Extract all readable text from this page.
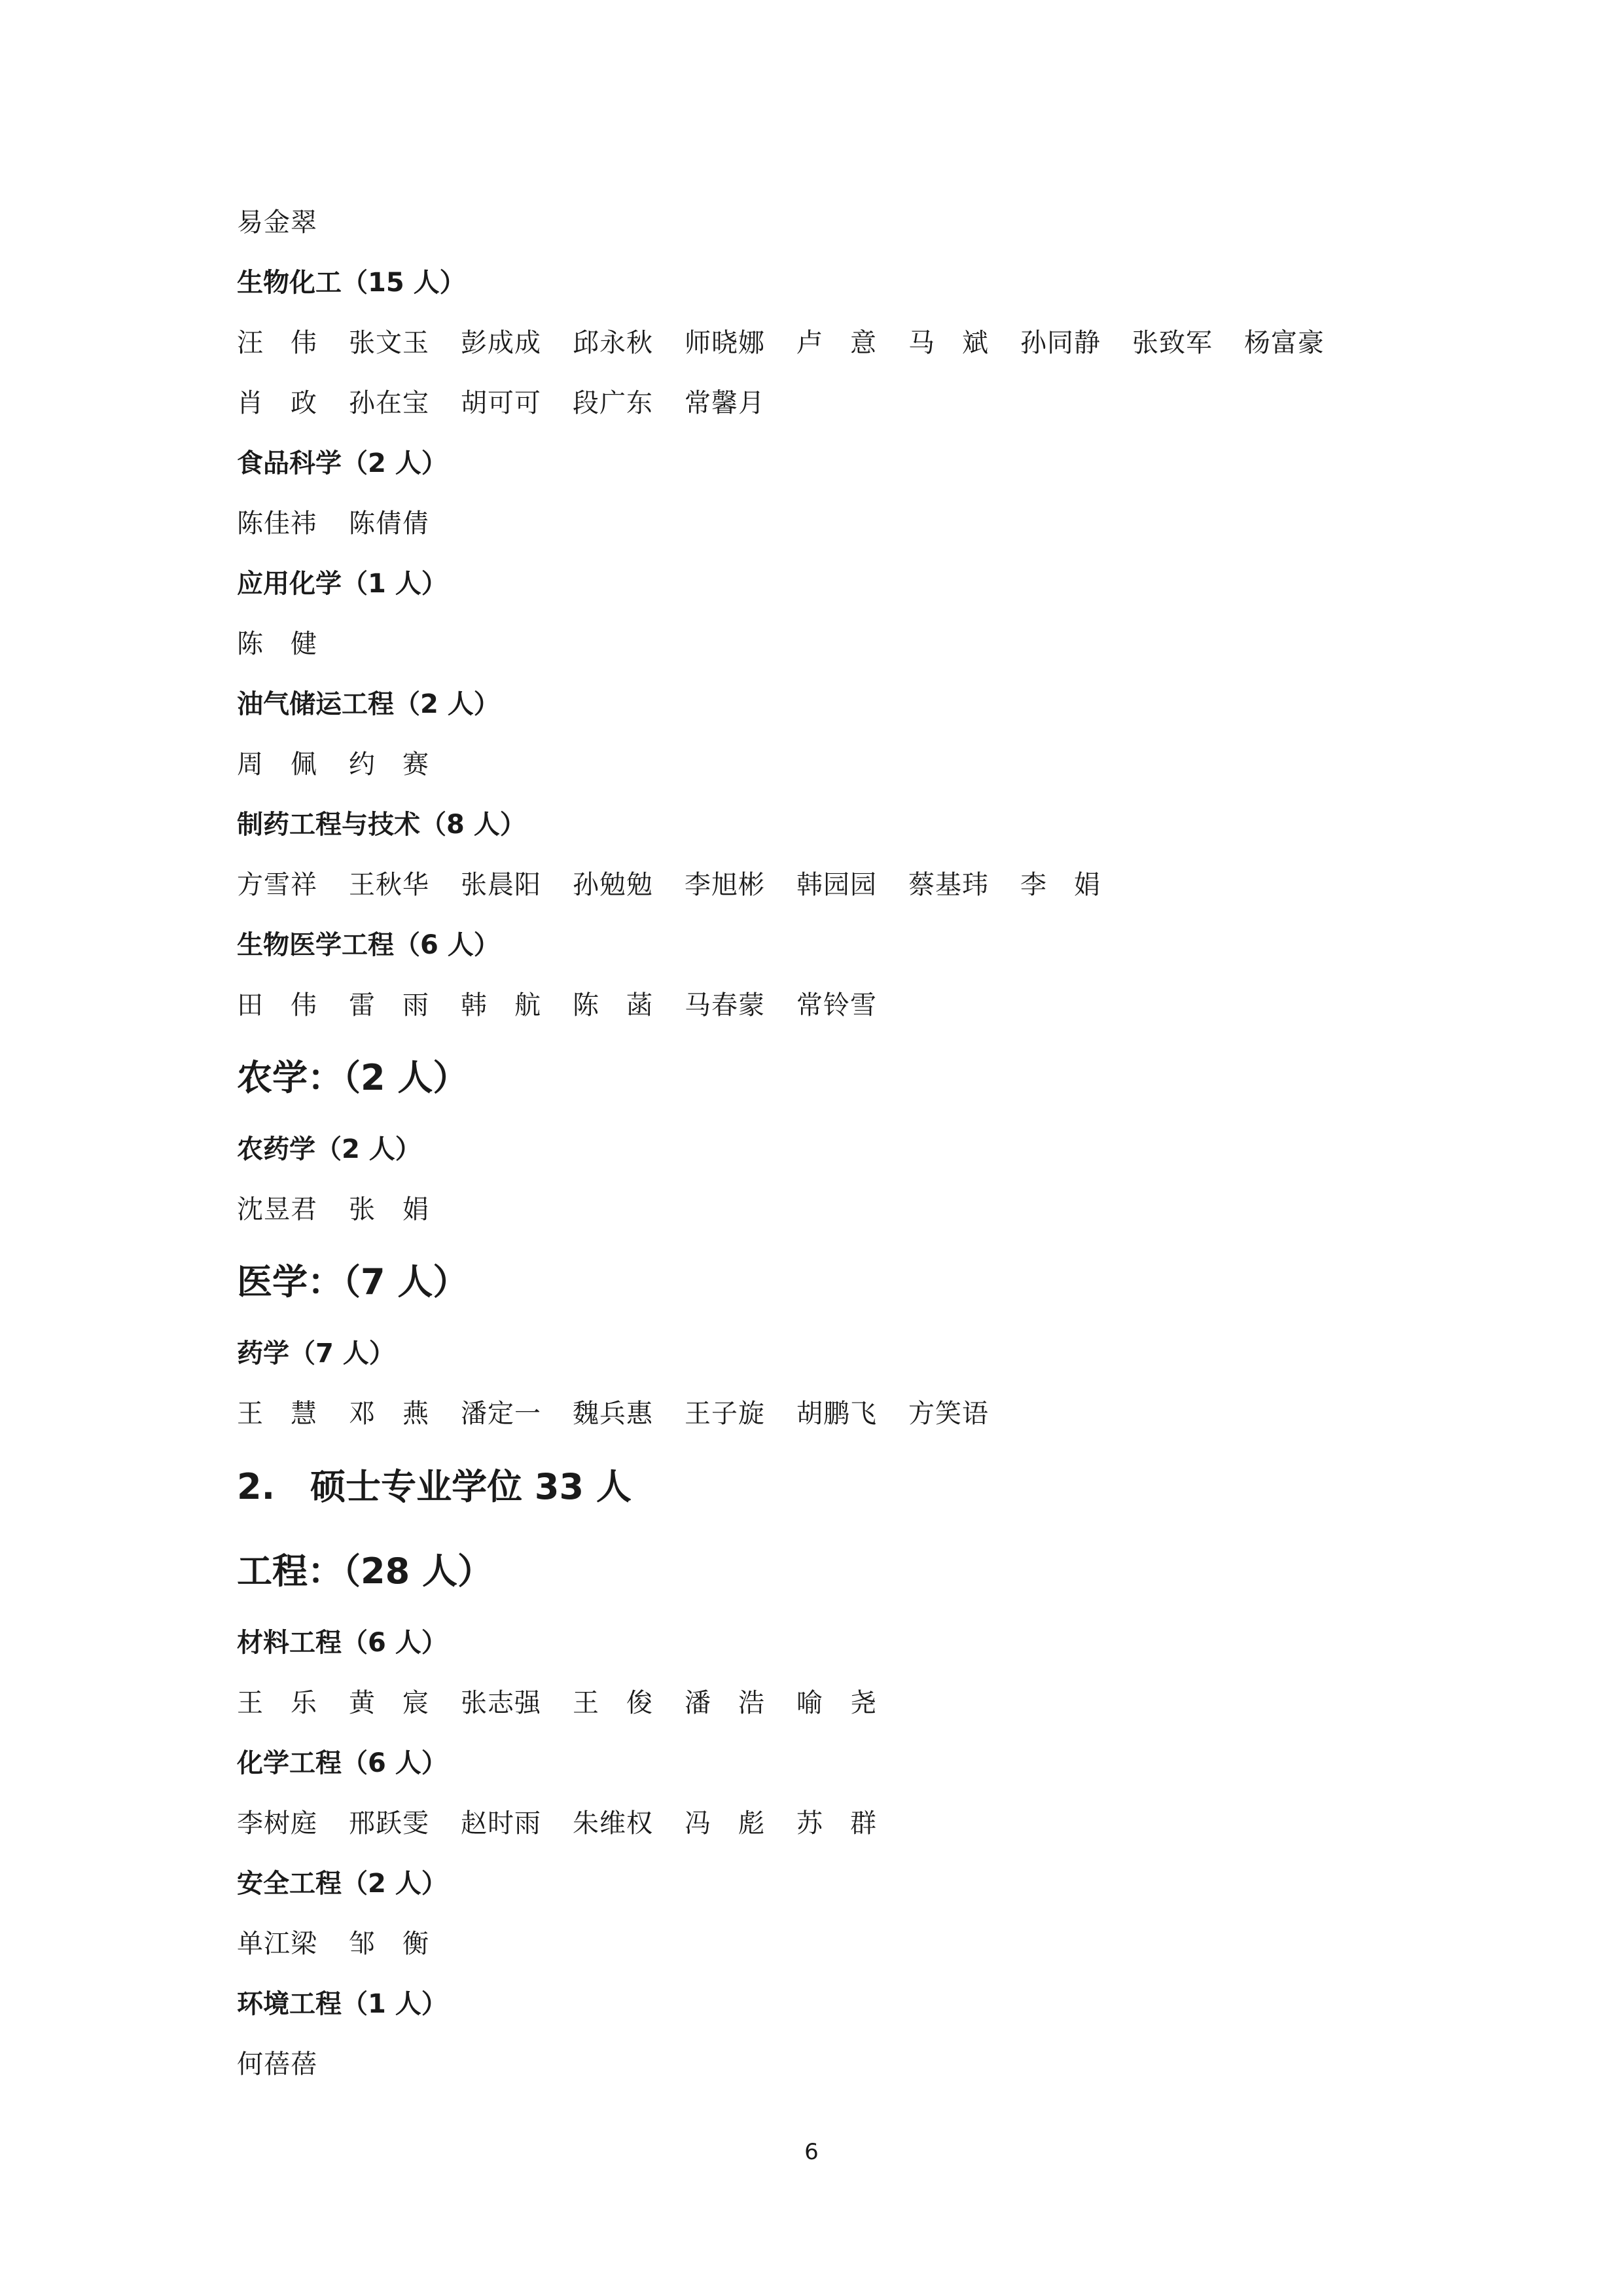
易金翠
生物化工（15 人）
汪　伟 张文玉 彭成成 邱永秋 师晓娜 卢　意 马　斌 孙同静 张致军 杨富豪
肖　政 孙在宝 胡可可 段广东 常馨月
食品科学（2 人）
陈佳祎 陈倩倩
应用化学（1 人）
陈　健
油气储运工程（2 人）
周　佩 约　赛
制药工程与技术（8 人）
方雪祥 王秋华 张晨阳 孙勉勉 李旭彬 韩园园 蔡基玮 李　娟
生物医学工程（6 人）
田　伟 雷　雨 韩　航 陈　菡 马春蒙 常铃雪
农学：（2 人）
农药学（2 人）
沈昱君 张　娟
医学：（7 人）
药学（7 人）
王　慧 邓　燕 潘定一 魏兵惠 王子旋 胡鹏飞 方笑语
2.　硕士专业学位 33 人
工程：（28 人）
材料工程（6 人）
王　乐 黄　宸 张志强 王　俊 潘　浩 喻　尧
化学工程（6 人）
李树庭 邢跃雯 赵时雨 朱维权 冯　彪 苏　群
安全工程（2 人）
单江梁 邹　衡
环境工程（1 人）
何蓓蓓
6
